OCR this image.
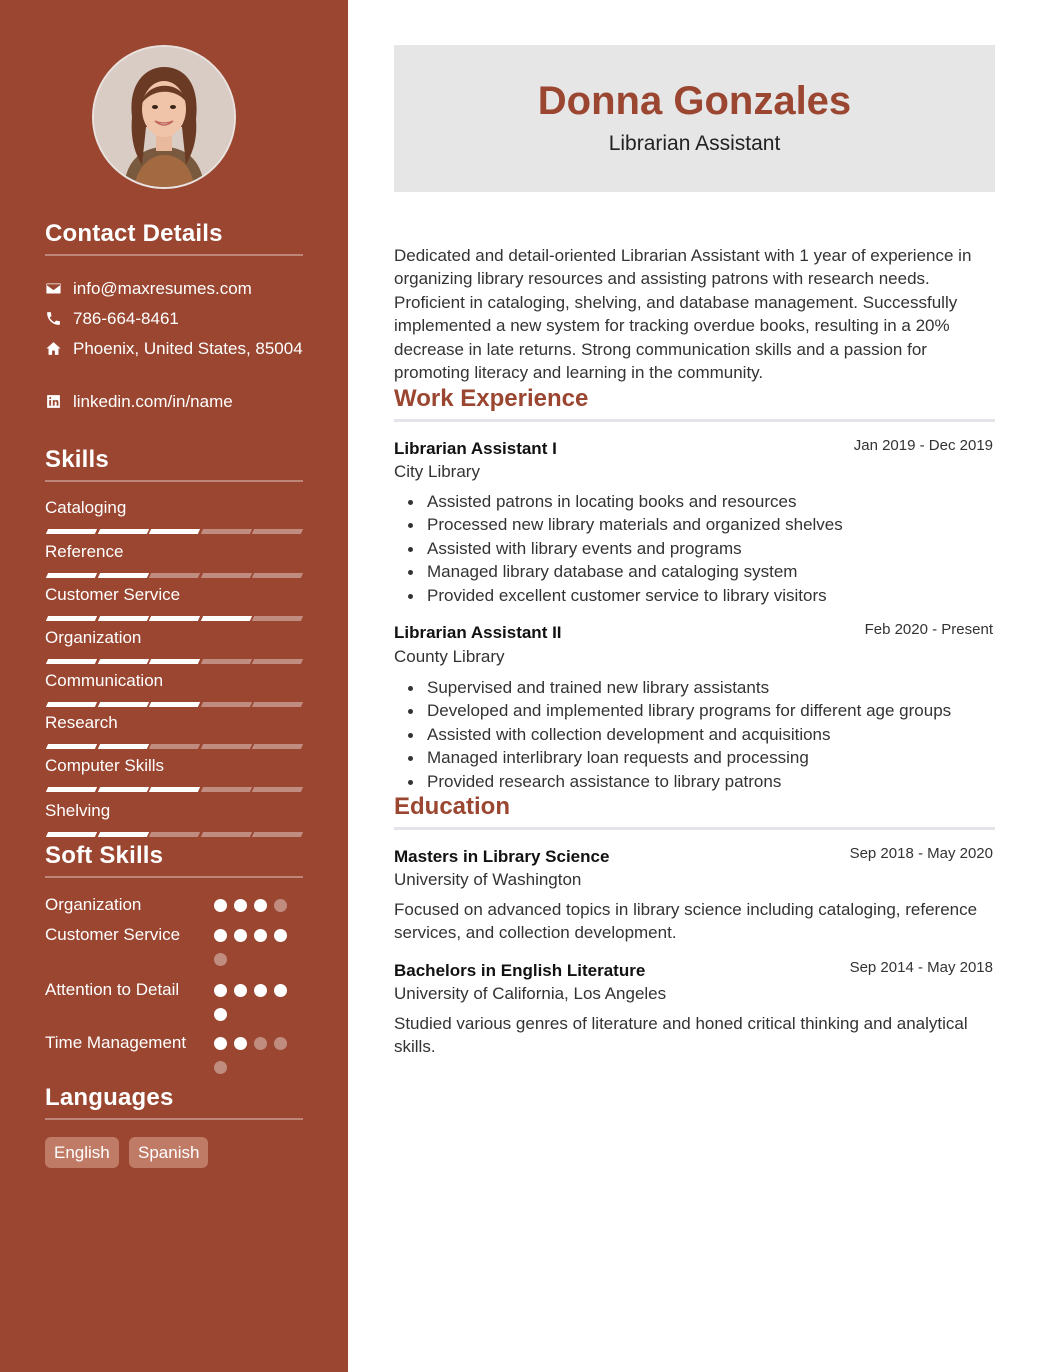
Contact Details
info@maxresumes.com
786-664-8461
Phoenix, United States, 85004
linkedin.com/in/name
Skills
Cataloging
Reference
Customer Service
Organization
Communication
Research
Computer Skills
Shelving
Soft Skills
Organization
Customer Service
Attention to Detail
Time Management
Languages
English	Spanish
Donna Gonzales
Librarian Assistant
Dedicated and detail-oriented Librarian Assistant with 1 year of experience in organizing library resources and assisting patrons with research needs. Proficient in cataloging, shelving, and database management. Successfully implemented a new system for tracking overdue books, resulting in a 20% decrease in late returns. Strong communication skills and a passion for promoting literacy and learning in the community.
Work Experience
Librarian Assistant I	Jan 2019 - Dec 2019
City Library
Assisted patrons in locating books and resources
Processed new library materials and organized shelves
Assisted with library events and programs
Managed library database and cataloging system
Provided excellent customer service to library visitors
Librarian Assistant II	Feb 2020 - Present
County Library
Supervised and trained new library assistants
Developed and implemented library programs for different age groups
Assisted with collection development and acquisitions
Managed interlibrary loan requests and processing
Provided research assistance to library patrons
Education
Masters in Library Science	Sep 2018 - May 2020
University of Washington
Focused on advanced topics in library science including cataloging, reference services, and collection development.
Bachelors in English Literature	Sep 2014 - May 2018
University of California, Los Angeles
Studied various genres of literature and honed critical thinking and analytical skills.
